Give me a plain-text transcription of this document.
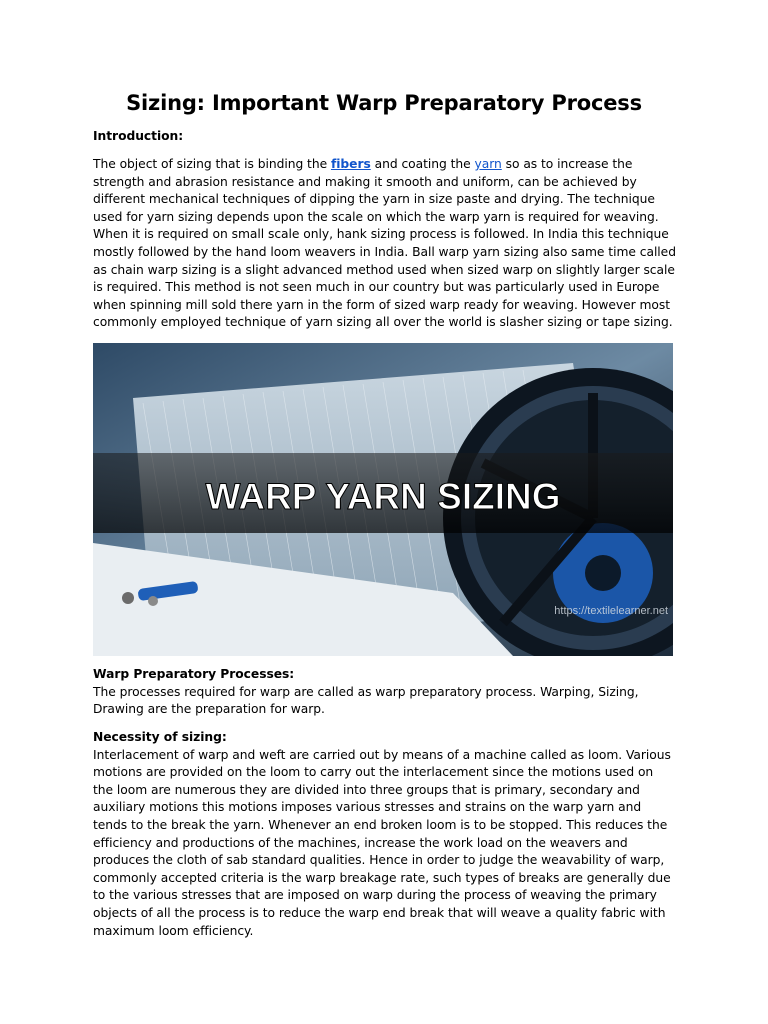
Sizing: Important Warp Preparatory Process

Introduction:

The object of sizing that is binding the fibers and coating the yarn so as to increase the strength and abrasion resistance and making it smooth and uniform, can be achieved by different mechanical techniques of dipping the yarn in size paste and drying. The technique used for yarn sizing depends upon the scale on which the warp yarn is required for weaving. When it is required on small scale only, hank sizing process is followed. In India this technique mostly followed by the hand loom weavers in India. Ball warp yarn sizing also same time called as chain warp sizing is a slight advanced method used when sized warp on slightly larger scale is required. This method is not seen much in our country but was particularly used in Europe when spinning mill sold there yarn in the form of sized warp ready for weaving. However most commonly employed technique of yarn sizing all over the world is slasher sizing or tape sizing.

WARP YARN SIZING
https://textilelearner.net

Warp Preparatory Processes:

The processes required for warp are called as warp preparatory process. Warping, Sizing, Drawing are the preparation for warp.

Necessity of sizing:

Interlacement of warp and weft are carried out by means of a machine called as loom. Various motions are provided on the loom to carry out the interlacement since the motions used on the loom are numerous they are divided into three groups that is primary, secondary and auxiliary motions this motions imposes various stresses and strains on the warp yarn and tends to the break the yarn. Whenever an end broken loom is to be stopped. This reduces the efficiency and productions of the machines, increase the work load on the weavers and produces the cloth of sab standard qualities. Hence in order to judge the weavability of warp, commonly accepted criteria is the warp breakage rate, such types of breaks are generally due to the various stresses that are imposed on warp during the process of weaving the primary objects of all the process is to reduce the warp end break that will weave a quality fabric with maximum loom efficiency.
